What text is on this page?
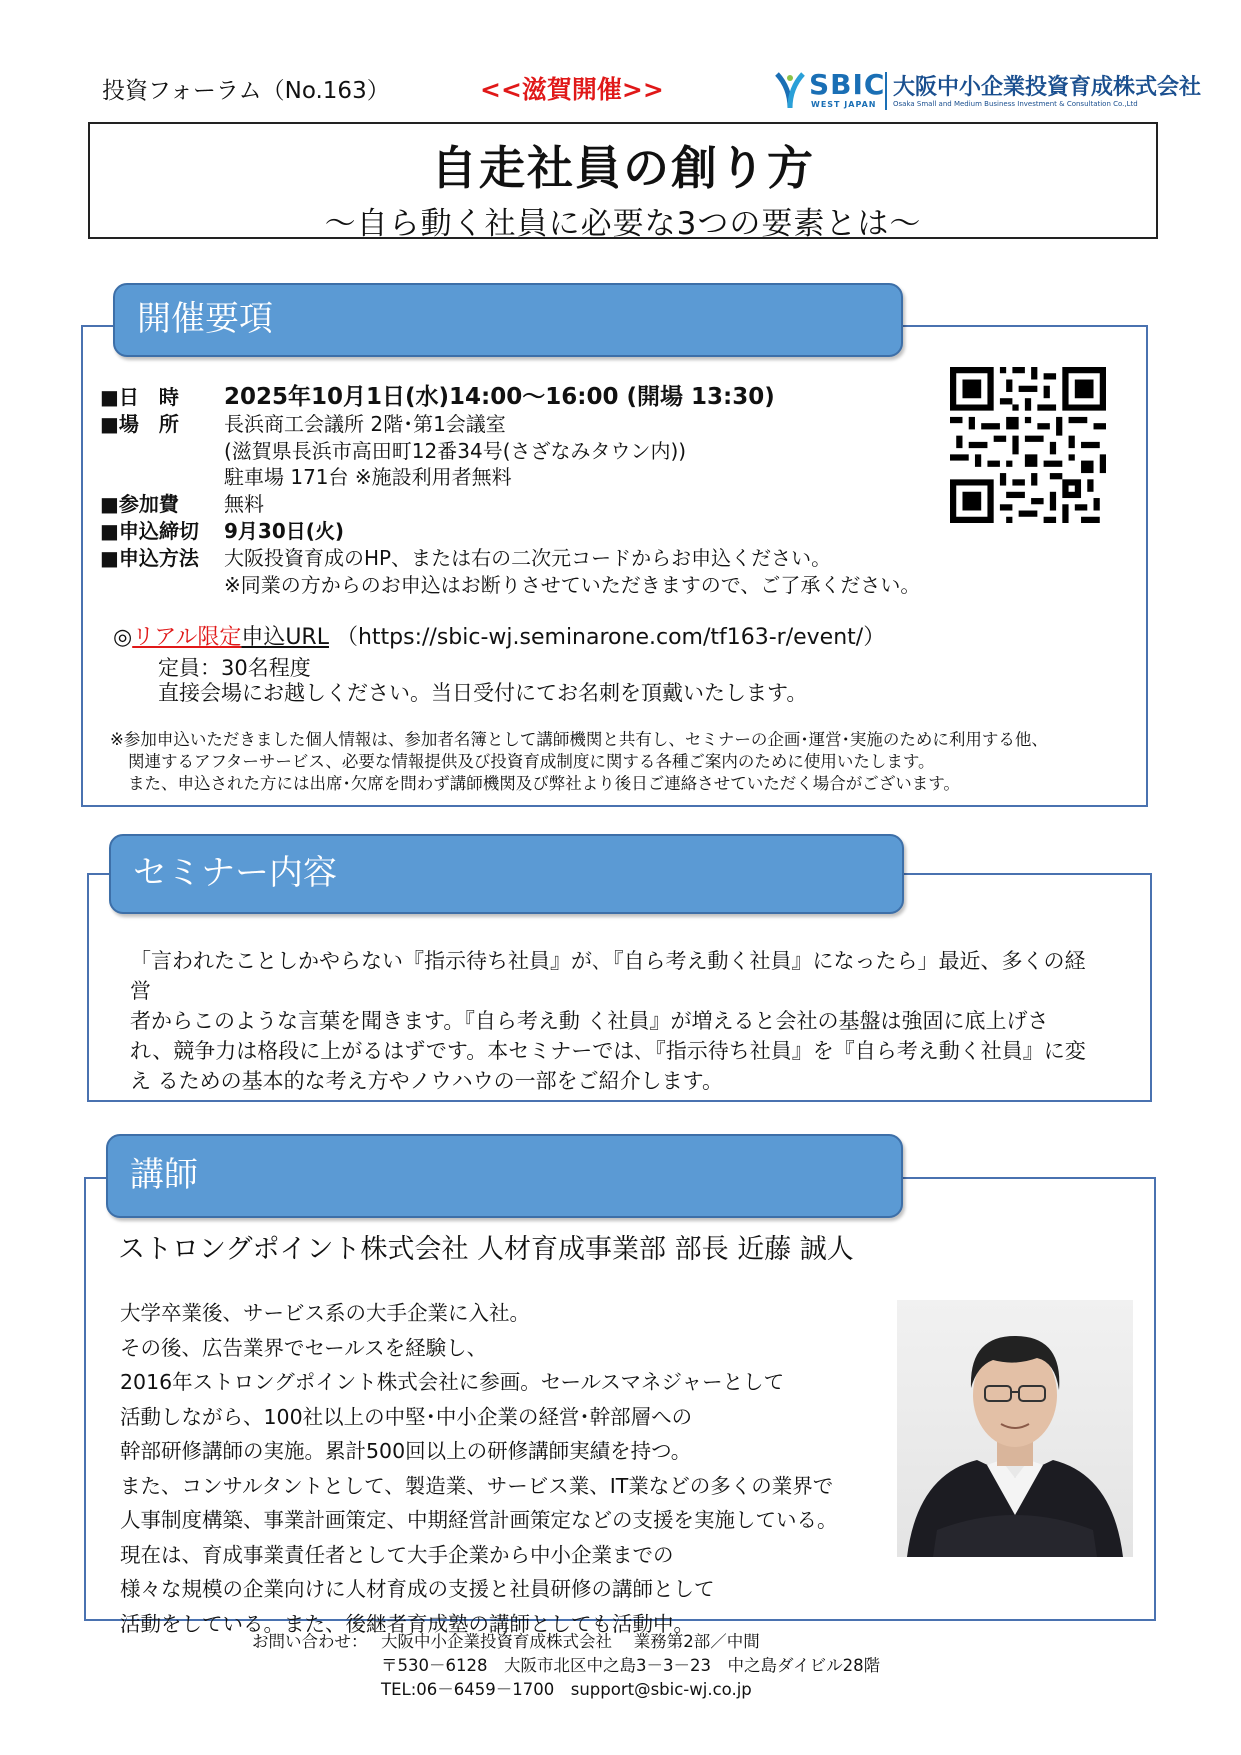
投資フォーラム（No.163）	<<滋賀開催>>	SBIC
WEST JAPAN
大阪中小企業投資育成株式会社
Osaka Small and Medium Business Investment & Consultation Co.,Ltd
自走社員の創り方
～自ら動く社員に必要な3つの要素とは～
開催要項
■日　時 2025年10月1日(水)14:00～16:00 (開場 13:30)
■場　所 長浜商工会議所 2階･第1会議室
(滋賀県長浜市高田町12番34号(さざなみタウン内))
駐車場 171台 ※施設利用者無料
■参加費 無料
■申込締切 9月30日(火)
■申込方法 大阪投資育成のHP、または右の二次元コードからお申込ください。
※同業の方からのお申込はお断りさせていただきますので、ご了承ください。
◎リアル限定申込URL （https://sbic-wj.seminarone.com/tf163-r/event/）
定員：30名程度
直接会場にお越しください。当日受付にてお名刺を頂戴いたします。
※参加申込いただきました個人情報は、参加者名簿として講師機関と共有し、セミナーの企画･運営･実施のために利用する他、
関連するアフターサービス、必要な情報提供及び投資育成制度に関する各種ご案内のために使用いたします。
また、申込された方には出席･欠席を問わず講師機関及び弊社より後日ご連絡させていただく場合がございます。
セミナー内容
「言われたことしかやらない『指示待ち社員』が､『自ら考え動く社員』になったら」最近、多くの経営
者からこのような言葉を聞きます。『自ら考え動 く社員』が増えると会社の基盤は強固に底上げさ
れ、競争力は格段に上がるはずです。本セミナーでは､『指示待ち社員』を『自ら考え動く社員』に変
え るための基本的な考え方やノウハウの一部をご紹介します。
講師
ストロングポイント株式会社 人材育成事業部 部長 近藤 誠人
大学卒業後、サービス系の大手企業に入社。
その後、広告業界でセールスを経験し、
2016年ストロングポイント株式会社に参画。セールスマネジャーとして
活動しながら、100社以上の中堅･中小企業の経営･幹部層への
幹部研修講師の実施。累計500回以上の研修講師実績を持つ。
また、コンサルタントとして、製造業、サービス業、IT業などの多くの業界で
人事制度構築、事業計画策定、中期経営計画策定などの支援を実施している。
現在は、育成事業責任者として大手企業から中小企業までの
様々な規模の企業向けに人材育成の支援と社員研修の講師として
活動をしている。また、後継者育成塾の講師としても活動中。
お問い合わせ： 大阪中小企業投資育成株式会社　 業務第2部／中間
〒530－6128　大阪市北区中之島3－3－23　中之島ダイビル28階
TEL:06－6459－1700　support@sbic-wj.co.jp
